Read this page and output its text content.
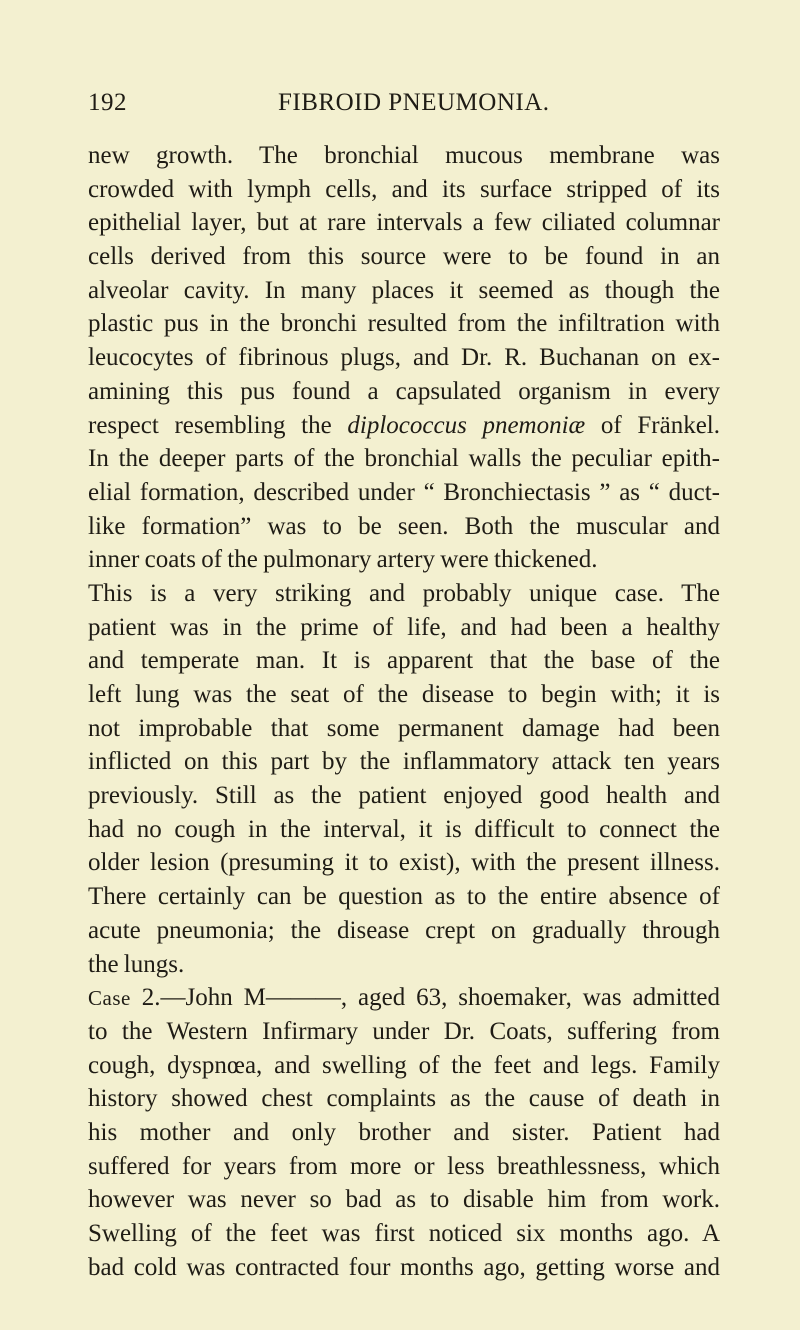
192	FIBROID PNEUMONIA.
new growth. The bronchial mucous membrane was
crowded with lymph cells, and its surface stripped of its
epithelial layer, but at rare intervals a few ciliated columnar
cells derived from this source were to be found in an
alveolar cavity. In many places it seemed as though the
plastic pus in the bronchi resulted from the infiltration with
leucocytes of fibrinous plugs, and Dr. R. Buchanan on ex-
amining this pus found a capsulated organism in every
respect resembling the diplococcus pnemoniæ of Fränkel.
In the deeper parts of the bronchial walls the peculiar epith-
elial formation, described under “ Bronchiectasis ” as “ duct-
like formation” was to be seen. Both the muscular and
inner coats of the pulmonary artery were thickened.
This is a very striking and probably unique case. The
patient was in the prime of life, and had been a healthy
and temperate man. It is apparent that the base of the
left lung was the seat of the disease to begin with; it is
not improbable that some permanent damage had been
inflicted on this part by the inflammatory attack ten years
previously. Still as the patient enjoyed good health and
had no cough in the interval, it is difficult to connect the
older lesion (presuming it to exist), with the present illness.
There certainly can be question as to the entire absence of
acute pneumonia; the disease crept on gradually through
the lungs.
Case 2.—John M———, aged 63, shoemaker, was admitted
to the Western Infirmary under Dr. Coats, suffering from
cough, dyspnœa, and swelling of the feet and legs. Family
history showed chest complaints as the cause of death in
his mother and only brother and sister. Patient had
suffered for years from more or less breathlessness, which
however was never so bad as to disable him from work.
Swelling of the feet was first noticed six months ago. A
bad cold was contracted four months ago, getting worse and
